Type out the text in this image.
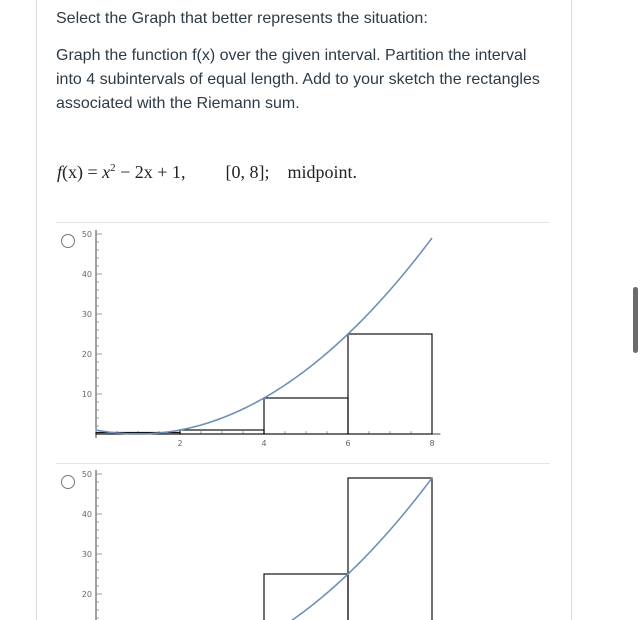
Select the Graph that better represents the situation:
Graph the function f(x) over the given interval. Partition the interval into 4 subintervals of equal length. Add to your sketch the rectangles associated with the Riemann sum.
$f(x) = x^2 - 2x + 1$, [0, 8]; midpoint.
50
40
30
20
10
2	4	6	8
50
40
30
20
